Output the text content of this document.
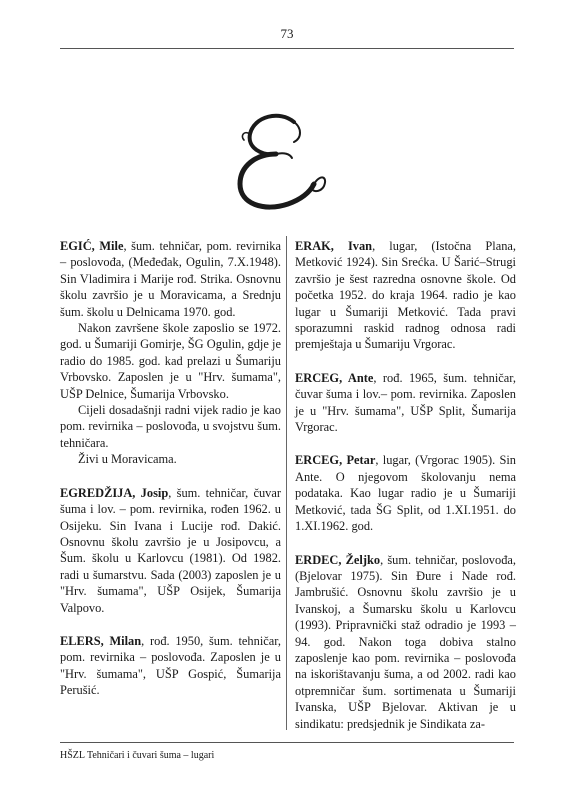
73

EGIĆ, Mile, šum. tehničar, pom. revirnika – poslovođa, (Međeđak, Ogulin, 7.X.1948). Sin Vladimira i Marije rođ. Strika. Osnovnu školu završio je u Moravicama, a Srednju šum. školu u Delnicama 1970. god.

Nakon završene škole zaposlio se 1972. god. u Šumariji Gomirje, ŠG Ogulin, gdje je radio do 1985. god. kad prelazi u Šumariju Vrbovsko. Zaposlen je u "Hrv. šumama", UŠP Delnice, Šumarija Vrbovsko.

Cijeli dosadašnji radni vijek radio je kao pom. revirnika – poslovođa, u svojstvu šum. tehničara.

Živi u Moravicama.

EGREDŽIJA, Josip, šum. tehničar, čuvar šuma i lov. – pom. revirnika, rođen 1962. u Osijeku. Sin Ivana i Lucije rođ. Dakić. Osnovnu školu završio je u Josipovcu, a Šum. školu u Karlovcu (1981). Od 1982. radi u šumarstvu. Sada (2003) zaposlen je u "Hrv. šumama", UŠP Osijek, Šumarija Valpovo.

ELERS, Milan, rođ. 1950, šum. tehničar, pom. revirnika – poslovođa. Zaposlen je u "Hrv. šumama", UŠP Gospić, Šumarija Perušić.

ERAK, Ivan, lugar, (Istočna Plana, Metković 1924). Sin Srećka. U Šarić–Strugi završio je šest razredna osnovne škole. Od početka 1952. do kraja 1964. radio je kao lugar u Šumariji Metković. Tada pravi sporazumni raskid radnog odnosa radi premještaja u Šumariju Vrgorac.

ERCEG, Ante, rođ. 1965, šum. tehničar, čuvar šuma i lov.– pom. revirnika. Zaposlen je u "Hrv. šumama", UŠP Split, Šumarija Vrgorac.

ERCEG, Petar, lugar, (Vrgorac 1905). Sin Ante. O njegovom školovanju nema podataka. Kao lugar radio je u Šumariji Metković, tada ŠG Split, od 1.XI.1951. do 1.XI.1962. god.

ERDEC, Željko, šum. tehničar, poslovođa, (Bjelovar 1975). Sin Đure i Nade rođ. Jambrušić. Osnovnu školu završio je u Ivanskoj, a Šumarsku školu u Karlovcu (1993). Pripravnički staž odradio je 1993 – 94. god. Nakon toga dobiva stalno zaposlenje kao pom. revirnika – poslovođa na iskorištavanju šuma, a od 2002. radi kao otpremničar šum. sortimenata u Šumariji Ivanska, UŠP Bjelovar. Aktivan je u sindikatu: predsjednik je Sindikata za-

HŠZL Tehničari i čuvari šuma – lugari
